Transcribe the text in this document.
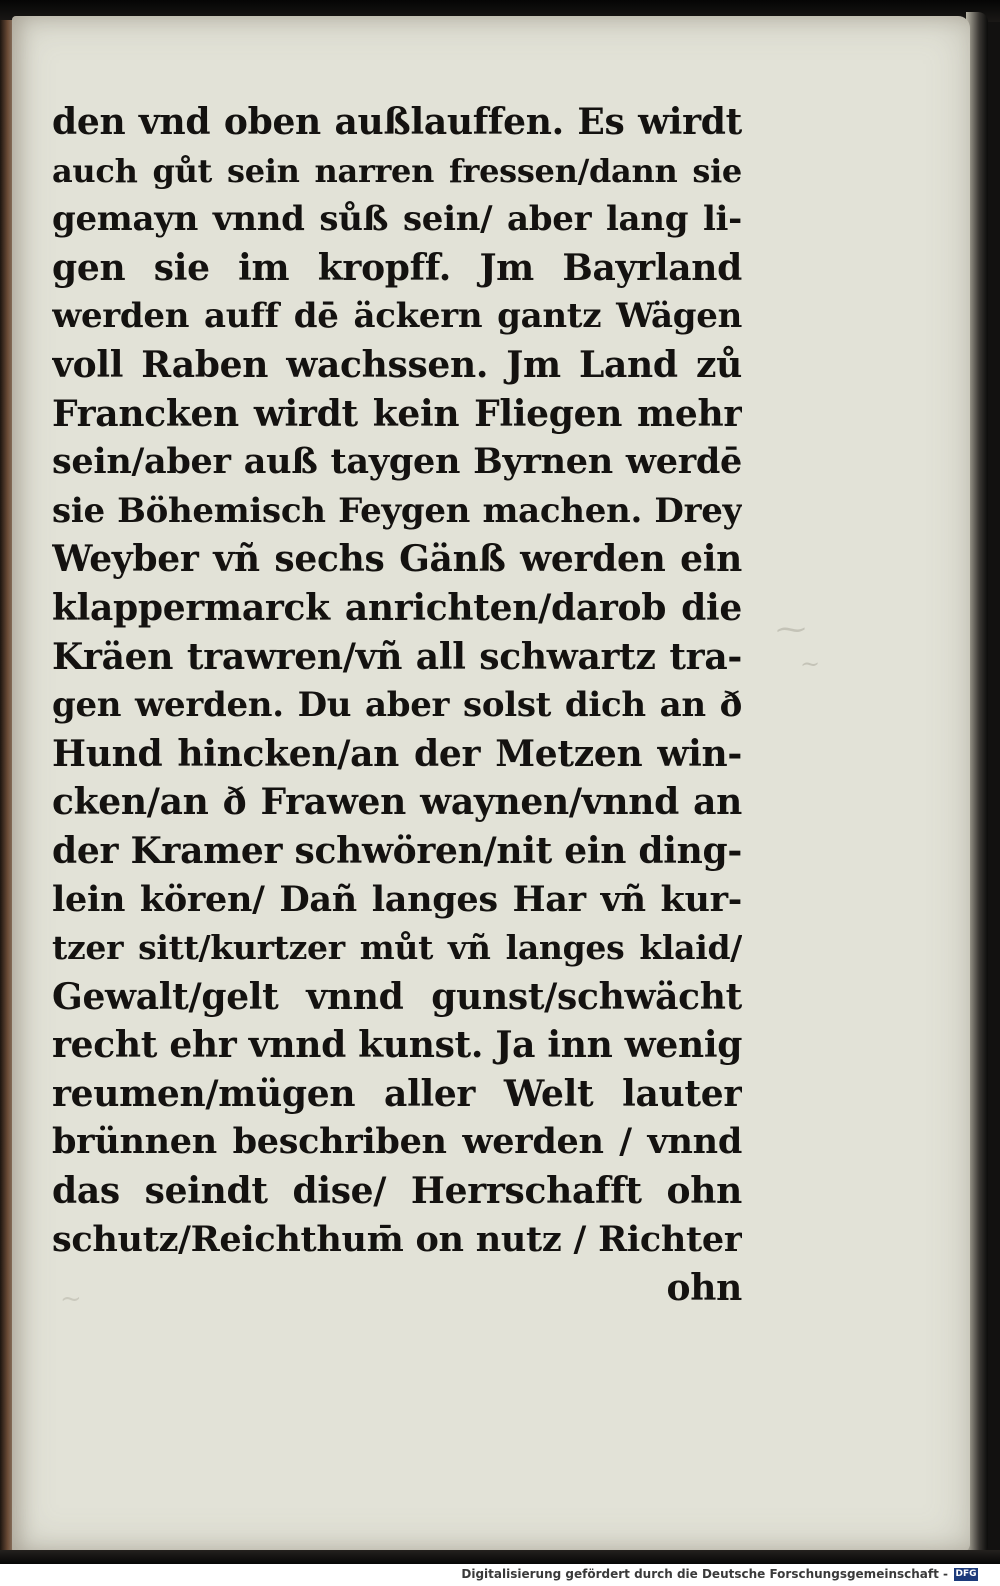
⁓
~
~
den vnd oben außlauffen. Es wirdt
auch gůt sein narren fressen/dann sie
gemayn vnnd sůß sein/ aber lang li-
gen sie im kropff. Jm Bayrland
werden auff dē äckern gantz Wägen
voll Raben wachssen. Jm Land zů
Francken wirdt kein Fliegen mehr
sein/aber auß taygen Byrnen werdē
sie Böhemisch Feygen machen. Drey
Weyber vñ sechs Gänß werden ein
klappermarck anrichten/darob die
Kräen trawren/vñ all schwartz tra-
gen werden. Du aber solst dich an ð
Hund hincken/an der Metzen win-
cken/an ð Frawen waynen/vnnd an
der Kramer schwören/nit ein ding-
lein kören/ Dañ langes Har vñ kur-
tzer sitt/kurtzer můt vñ langes klaid/
Gewalt/gelt vnnd gunst/schwächt
recht ehr vnnd kunst. Ja inn wenig
reumen/mügen aller Welt lauter
brünnen beschriben werden / vnnd
das seindt dise/ Herrschafft ohn
schutz/Reichthum̄ on nutz / Richter
ohn
Digitalisierung gefördert durch die Deutsche Forschungsgemeinschaft - DFG
